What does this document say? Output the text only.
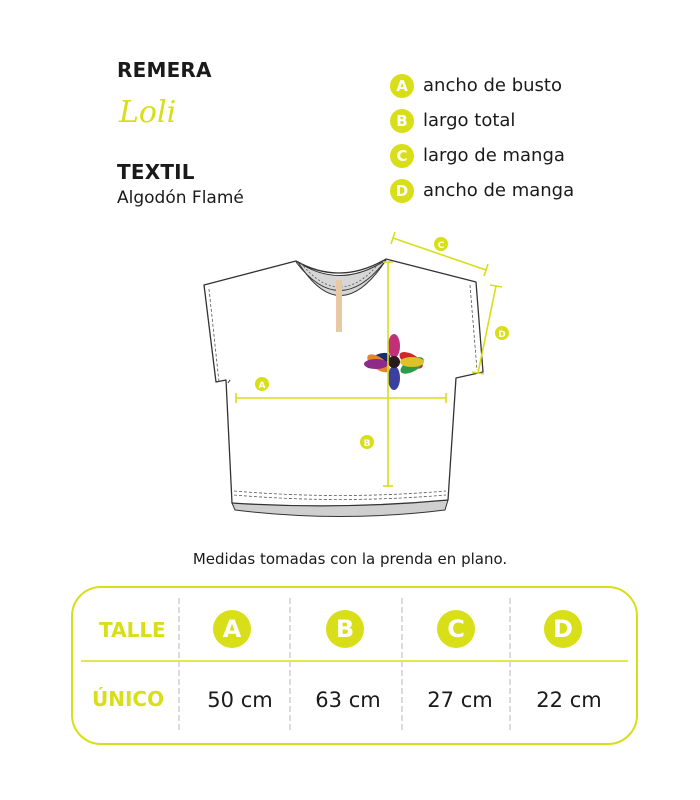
REMERA
Loli
TEXTIL
Algodón Flamé
A ancho de busto
B largo total
C largo de manga
D ancho de manga
A
B
C
D
Medidas tomadas con la prenda en plano.
TALLE	A	B	C	D
ÚNICO	50 cm	63 cm	27 cm	22 cm
